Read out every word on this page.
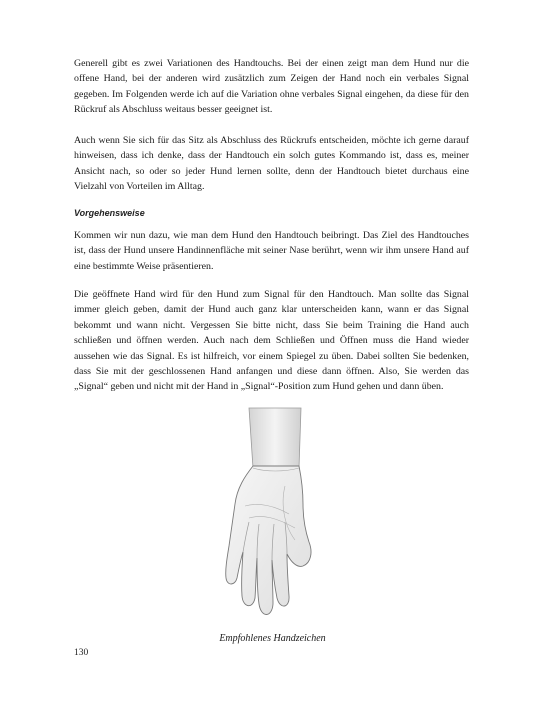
Generell gibt es zwei Variationen des Handtouchs. Bei der einen zeigt man dem Hund nur die offene Hand, bei der anderen wird zusätzlich zum Zeigen der Hand noch ein verbales Signal gegeben. Im Folgenden werde ich auf die Variation ohne verbales Signal eingehen, da diese für den Rückruf als Abschluss weitaus besser geeignet ist.

Auch wenn Sie sich für das Sitz als Abschluss des Rückrufs entscheiden, möchte ich gerne darauf hinweisen, dass ich denke, dass der Handtouch ein solch gutes Kommando ist, dass es, meiner Ansicht nach, so oder so jeder Hund lernen sollte, denn der Handtouch bietet durchaus eine Vielzahl von Vorteilen im Alltag.

Vorgehensweise

Kommen wir nun dazu, wie man dem Hund den Handtouch beibringt. Das Ziel des Handtouches ist, dass der Hund unsere Handinnenfläche mit seiner Nase berührt, wenn wir ihm unsere Hand auf eine bestimmte Weise präsentieren.

Die geöffnete Hand wird für den Hund zum Signal für den Handtouch. Man sollte das Signal immer gleich geben, damit der Hund auch ganz klar unterscheiden kann, wann er das Signal bekommt und wann nicht. Vergessen Sie bitte nicht, dass Sie beim Training die Hand auch schließen und öffnen werden. Auch nach dem Schließen und Öffnen muss die Hand wieder aussehen wie das Signal. Es ist hilfreich, vor einem Spiegel zu üben. Dabei sollten Sie bedenken, dass Sie mit der geschlossenen Hand anfangen und diese dann öffnen. Also, Sie werden das „Signal“ geben und nicht mit der Hand in „Signal“-Position zum Hund gehen und dann üben.

Empfohlenes Handzeichen
130
